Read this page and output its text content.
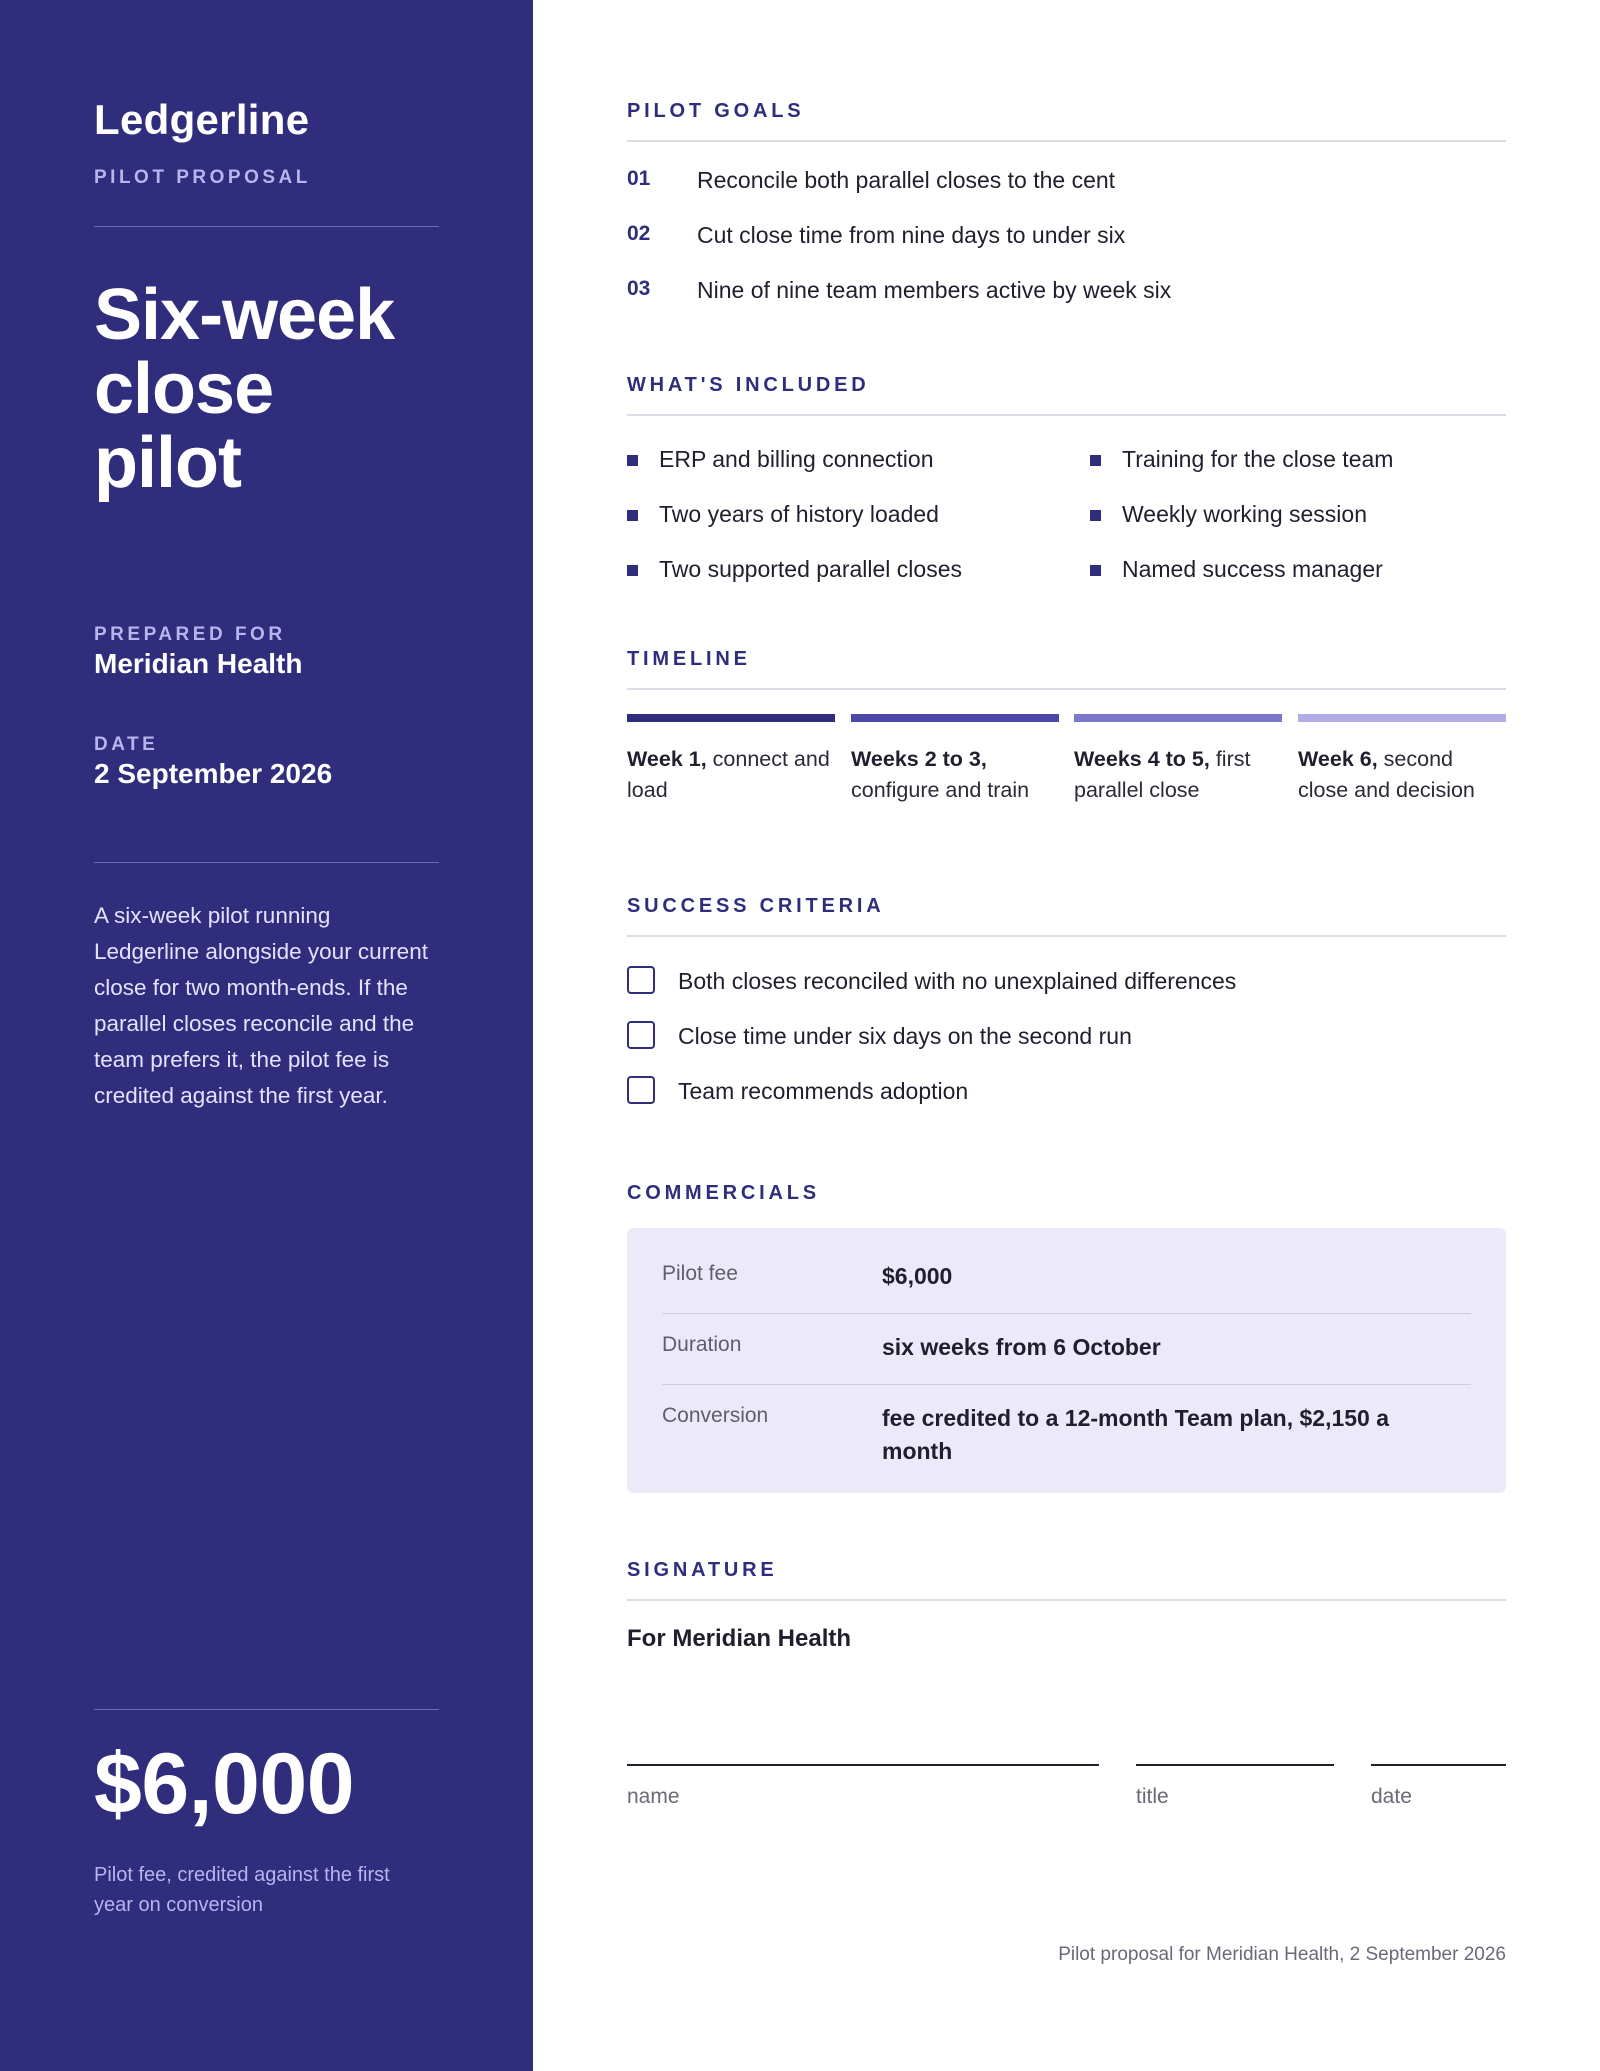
Ledgerline
PILOT PROPOSAL
Six-week
close pilot
PREPARED FOR
Meridian Health
DATE
2 September 2026
A six-week pilot running Ledgerline alongside your current close for two month-ends. If the parallel closes reconcile and the team prefers it, the pilot fee is credited against the first year.
$6,000
Pilot fee, credited against the first year on conversion
PILOT GOALS
01 Reconcile both parallel closes to the cent
02 Cut close time from nine days to under six
03 Nine of nine team members active by week six
WHAT'S INCLUDED
ERP and billing connection
Two years of history loaded
Two supported parallel closes
Training for the close team
Weekly working session
Named success manager
TIMELINE
Week 1, connect and load
Weeks 2 to 3, configure and train
Weeks 4 to 5, first parallel close
Week 6, second close and decision
SUCCESS CRITERIA
Both closes reconciled with no unexplained differences
Close time under six days on the second run
Team recommends adoption
COMMERCIALS
Pilot fee	$6,000
Duration	six weeks from 6 October
Conversion	fee credited to a 12-month Team plan, $2,150 a month
SIGNATURE
For Meridian Health
name	title	date
Pilot proposal for Meridian Health, 2 September 2026
